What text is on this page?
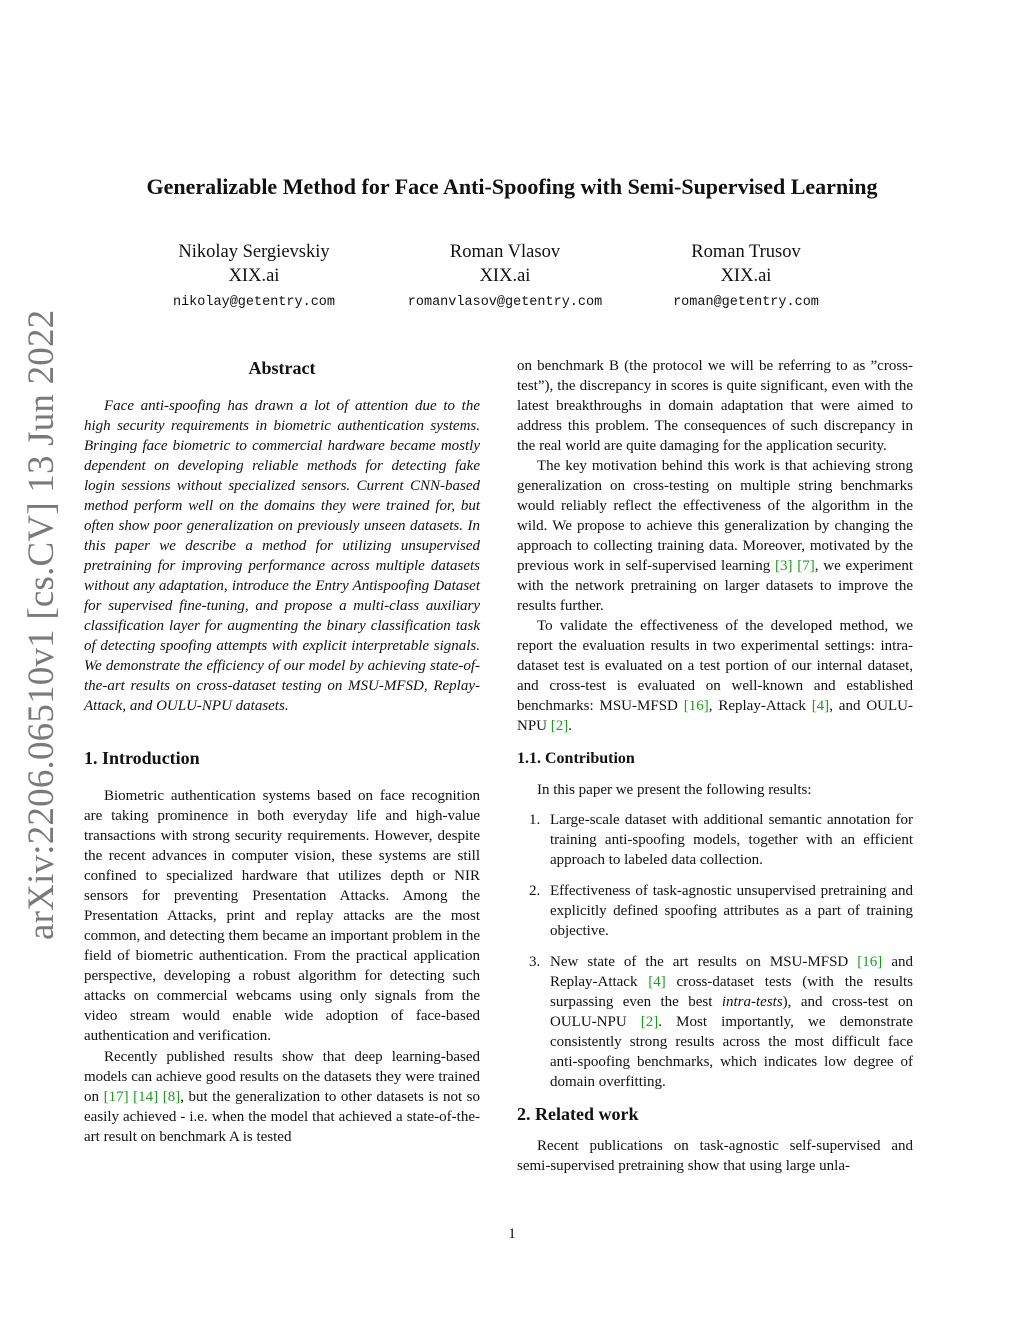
arXiv:2206.06510v1 [cs.CV] 13 Jun 2022
Generalizable Method for Face Anti-Spoofing with Semi-Supervised Learning
Nikolay Sergievskiy
XIX.ai
nikolay@getentry.com
Roman Vlasov
XIX.ai
romanvlasov@getentry.com
Roman Trusov
XIX.ai
roman@getentry.com
Abstract

Face anti-spoofing has drawn a lot of attention due to the high security requirements in biometric authentication systems. Bringing face biometric to commercial hardware became mostly dependent on developing reliable methods for detecting fake login sessions without specialized sensors. Current CNN-based method perform well on the domains they were trained for, but often show poor generalization on previously unseen datasets. In this paper we describe a method for utilizing unsupervised pretraining for improving performance across multiple datasets without any adaptation, introduce the Entry Antispoofing Dataset for supervised fine-tuning, and propose a multi-class auxiliary classification layer for augmenting the binary classification task of detecting spoofing attempts with explicit interpretable signals. We demonstrate the efficiency of our model by achieving state-of-the-art results on cross-dataset testing on MSU-MFSD, Replay-Attack, and OULU-NPU datasets.

1. Introduction

Biometric authentication systems based on face recognition are taking prominence in both everyday life and high-value transactions with strong security requirements. However, despite the recent advances in computer vision, these systems are still confined to specialized hardware that utilizes depth or NIR sensors for preventing Presentation Attacks. Among the Presentation Attacks, print and replay attacks are the most common, and detecting them became an important problem in the field of biometric authentication. From the practical application perspective, developing a robust algorithm for detecting such attacks on commercial webcams using only signals from the video stream would enable wide adoption of face-based authentication and verification.

Recently published results show that deep learning-based models can achieve good results on the datasets they were trained on [17] [14] [8], but the generalization to other datasets is not so easily achieved - i.e. when the model that achieved a state-of-the-art result on benchmark A is tested

on benchmark B (the protocol we will be referring to as ”cross-test”), the discrepancy in scores is quite significant, even with the latest breakthroughs in domain adaptation that were aimed to address this problem. The consequences of such discrepancy in the real world are quite damaging for the application security.

The key motivation behind this work is that achieving strong generalization on cross-testing on multiple string benchmarks would reliably reflect the effectiveness of the algorithm in the wild. We propose to achieve this generalization by changing the approach to collecting training data. Moreover, motivated by the previous work in self-supervised learning [3] [7], we experiment with the network pretraining on larger datasets to improve the results further.

To validate the effectiveness of the developed method, we report the evaluation results in two experimental settings: intra-dataset test is evaluated on a test portion of our internal dataset, and cross-test is evaluated on well-known and established benchmarks: MSU-MFSD [16], Replay-Attack [4], and OULU-NPU [2].

1.1. Contribution

In this paper we present the following results:

1. Large-scale dataset with additional semantic annotation for training anti-spoofing models, together with an efficient approach to labeled data collection.
2. Effectiveness of task-agnostic unsupervised pretraining and explicitly defined spoofing attributes as a part of training objective.
3. New state of the art results on MSU-MFSD [16] and Replay-Attack [4] cross-dataset tests (with the results surpassing even the best intra-tests), and cross-test on OULU-NPU [2]. Most importantly, we demonstrate consistently strong results across the most difficult face anti-spoofing benchmarks, which indicates low degree of domain overfitting.
2. Related work

Recent publications on task-agnostic self-supervised and semi-supervised pretraining show that using large unla-

1
